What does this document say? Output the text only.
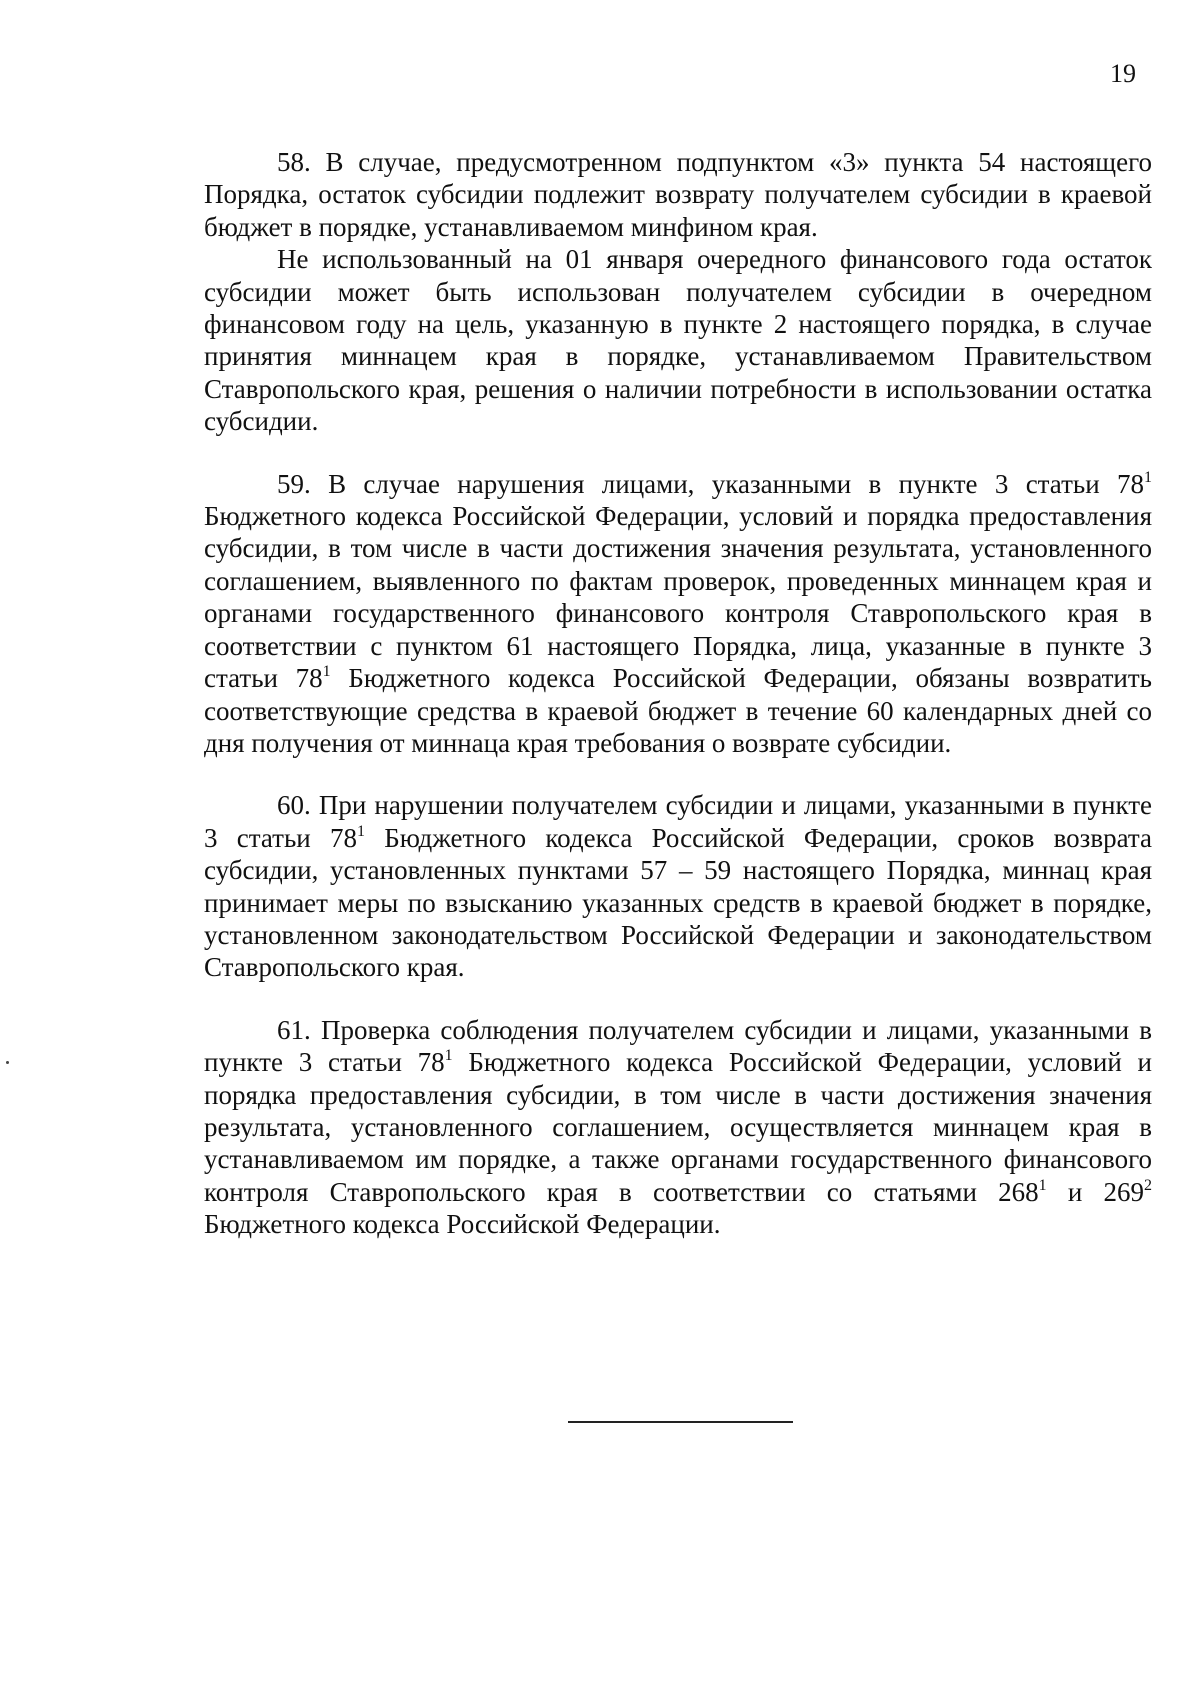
19

58. В случае, предусмотренном подпунктом «3» пункта 54 настоящего Порядка, остаток субсидии подлежит возврату получателем субсидии в краевой бюджет в порядке, устанавливаемом минфином края.

Не использованный на 01 января очередного финансового года остаток субсидии может быть использован получателем субсидии в очередном финансовом году на цель, указанную в пункте 2 настоящего порядка, в случае принятия миннацем края в порядке, устанавливаемом Правительством Ставропольского края, решения о наличии потребности в использовании остатка субсидии.

59. В случае нарушения лицами, указанными в пункте 3 статьи $78^1$ Бюджетного кодекса Российской Федерации, условий и порядка предоставления субсидии, в том числе в части достижения значения результата, установленного соглашением, выявленного по фактам проверок, проведенных миннацем края и органами государственного финансового контроля Ставропольского края в соответствии с пунктом 61 настоящего Порядка, лица, указанные в пункте 3 статьи $78^1$ Бюджетного кодекса Российской Федерации, обязаны возвратить соответствующие средства в краевой бюджет в течение 60 календарных дней со дня получения от миннаца края требования о возврате субсидии.

60. При нарушении получателем субсидии и лицами, указанными в пункте 3 статьи $78^1$ Бюджетного кодекса Российской Федерации, сроков возврата субсидии, установленных пунктами 57 – 59 настоящего Порядка, миннац края принимает меры по взысканию указанных средств в краевой бюджет в порядке, установленном законодательством Российской Федерации и законодательством Ставропольского края.

61. Проверка соблюдения получателем субсидии и лицами, указанными в пункте 3 статьи $78^1$ Бюджетного кодекса Российской Федерации, условий и порядка предоставления субсидии, в том числе в части достижения значения результата, установленного соглашением, осуществляется миннацем края в устанавливаемом им порядке, а также органами государственного финансового контроля Ставропольского края в соответствии со статьями $268^1$ и $269^2$ Бюджетного кодекса Российской Федерации.
